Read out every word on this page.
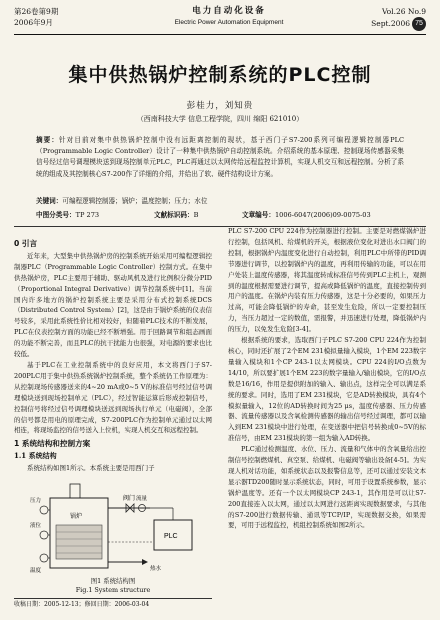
第26卷第9期
2006年9月
电力自动化设备
Electric Power Automation Equipment
Vol.26 No.9
Sept.2006 75
集中供热锅炉控制系统的PLC控制
彭桂力，刘知贵
（西南科技大学 信息工程学院，四川 绵阳 621010）
摘要：针对目前对集中供热锅炉控制中没有远距离控制的现状，基于西门子S7-200系列可编程逻辑控制器PLC（Programmable Logic Controller）设计了一种集中供热锅炉自动控制系统。介绍系统的基本原理、控制现场传感器采集信号经过信号调理模块送到现场控制单元PLC，PLC再通过以太网传给远程监控计算机，实现人机交互和远程控制。分析了系统的组成及其控制核心S7-200作了详细的介绍，并给出了软、硬件结构设计方案。
关键词：可编程逻辑控制器；锅炉；温度控制；压力；水位
中图分类号：TP 273	文献标识码：B	文章编号：1006-6047(2006)09-0075-03
0 引言

近年来，大型集中供热锅炉房的控制系统开始采用可编程逻辑控制器PLC（Programmable Logic Controller）控制方式。在集中供热锅炉房，PLC主要用于辅助、驱动风机及进行比例积分微分PID（Proportional Integral Derivative）调节控制系统中[1]。当前国内许多地方的锅炉控制系统主要是采用分布式控制系统DCS（Distributed Control System）[2]，这是由于锅炉系统的仪表信号较多，采用此系统性价比相对较好，但随着PLC技术的不断发展，PLC在仪表控制方面的功能已经不断增强。用于回路调节和组态画面的功能不断完善，而且PLC的抗干扰能力也很强，对电源的要求也比较低。

基于PLC在工业控制系统中的良好应用，本文将西门子S7-200PLC用于集中供热系统锅炉控制系统，整个系统仍工作原理为：从控制现场传感器送来的4~20 mA或0~5 V的标准信号经过信号调理模块送到现场控制单元（PLC），经过智能运算后形成控制信号，控制信号将经过信号调理模块送远到现场执行单元（电磁阀），全部的信号都是用电的原理完成，S7-200PLC作为控制单元通过以太网相连，将现场监控的信号送入上位机，实现人机交互和远程控制。

1 系统结构和控制方案
1.1 系统结构

系统结构如图1所示。本系统主要是用西门子

阀门
压力
液位
温度
锅炉
流量
热水
PLC
图1 系统结构图
Fig.1 System structure
收稿日期：2005-12-13；修回日期：2006-03-04

PLC S7-200 CPU 224作为控制器进行控制。主要是对燃煤锅炉进行控制，包括风机、给煤机的开关，根据液位变化对进出水口阀门的控制，根据锅炉内温度变化进行自动控制，利用PLC中所带的PID调节器进行调节，以控制锅炉内的温度，再利用传输的功能，可以在用户处装上温度传感器，将其温度转成标准信号传到PLC主机上，观测到的温度根据需要进行调节，提高或降低锅炉的温度，直接控制传到用户的温度。在锅炉内装有压力传感器，这是十分必要的，如果压力过高，可能会降低锅炉的寿命，甚至发生危险，所以一定要控制压力，当压力超过一定的数值，需报警，并迅速进行处理，降低锅炉内的压力，以免发生危险[3-4]。

根据系统的要求，选取西门子PLC S7-200 CPU 224作为控制核心，同时还扩展了2个EM 231模拟量输入模块，1个EM 223数字量输入模块和1个CP 243-1以太网模块。CPU 224的I/O点数为14/10，所以要扩展1个EM 223的数字量输入/输出模块，它的I/O点数是16/16，作用是提供附加的输入、输出点，这样完全可以满足系统的要求。同时，选用了EM 231模块，它是AD转换模块，具有4个模拟量输入，12位的AD转换时间为25 μs，温度传感器、压力传感器、流量传感器以及含氧检测传感器的输出信号经过调理，都可以输入到EM 231模块中进行处理，在变送器中把信号转换成0~5V的标准信号，由EM 231模块的第一组为输入AD转换。

PLC通过检测温度、水位、压力、流量和气体中的含氧量给出控制信号控制燃煤机、真空泵、给煤机、电磁阀等输出设备[4-5]。为实现人机对话功能，如系统状态以及报警信息等，还可以通过安装文本显示器TD200随时显示系统状态，同时，可用于设置系统参数，显示锅炉温度等。还有一个以太网模块CP 243-1，其作用是可以让S7-200直接连入以太网，通过以太网进行远距离实现数据要求，与其他的S7-200进行数据传输、通讯等TCP/IP，实现数据交换，如果需要，可用于远程监控，机组控制系统如图2所示。
